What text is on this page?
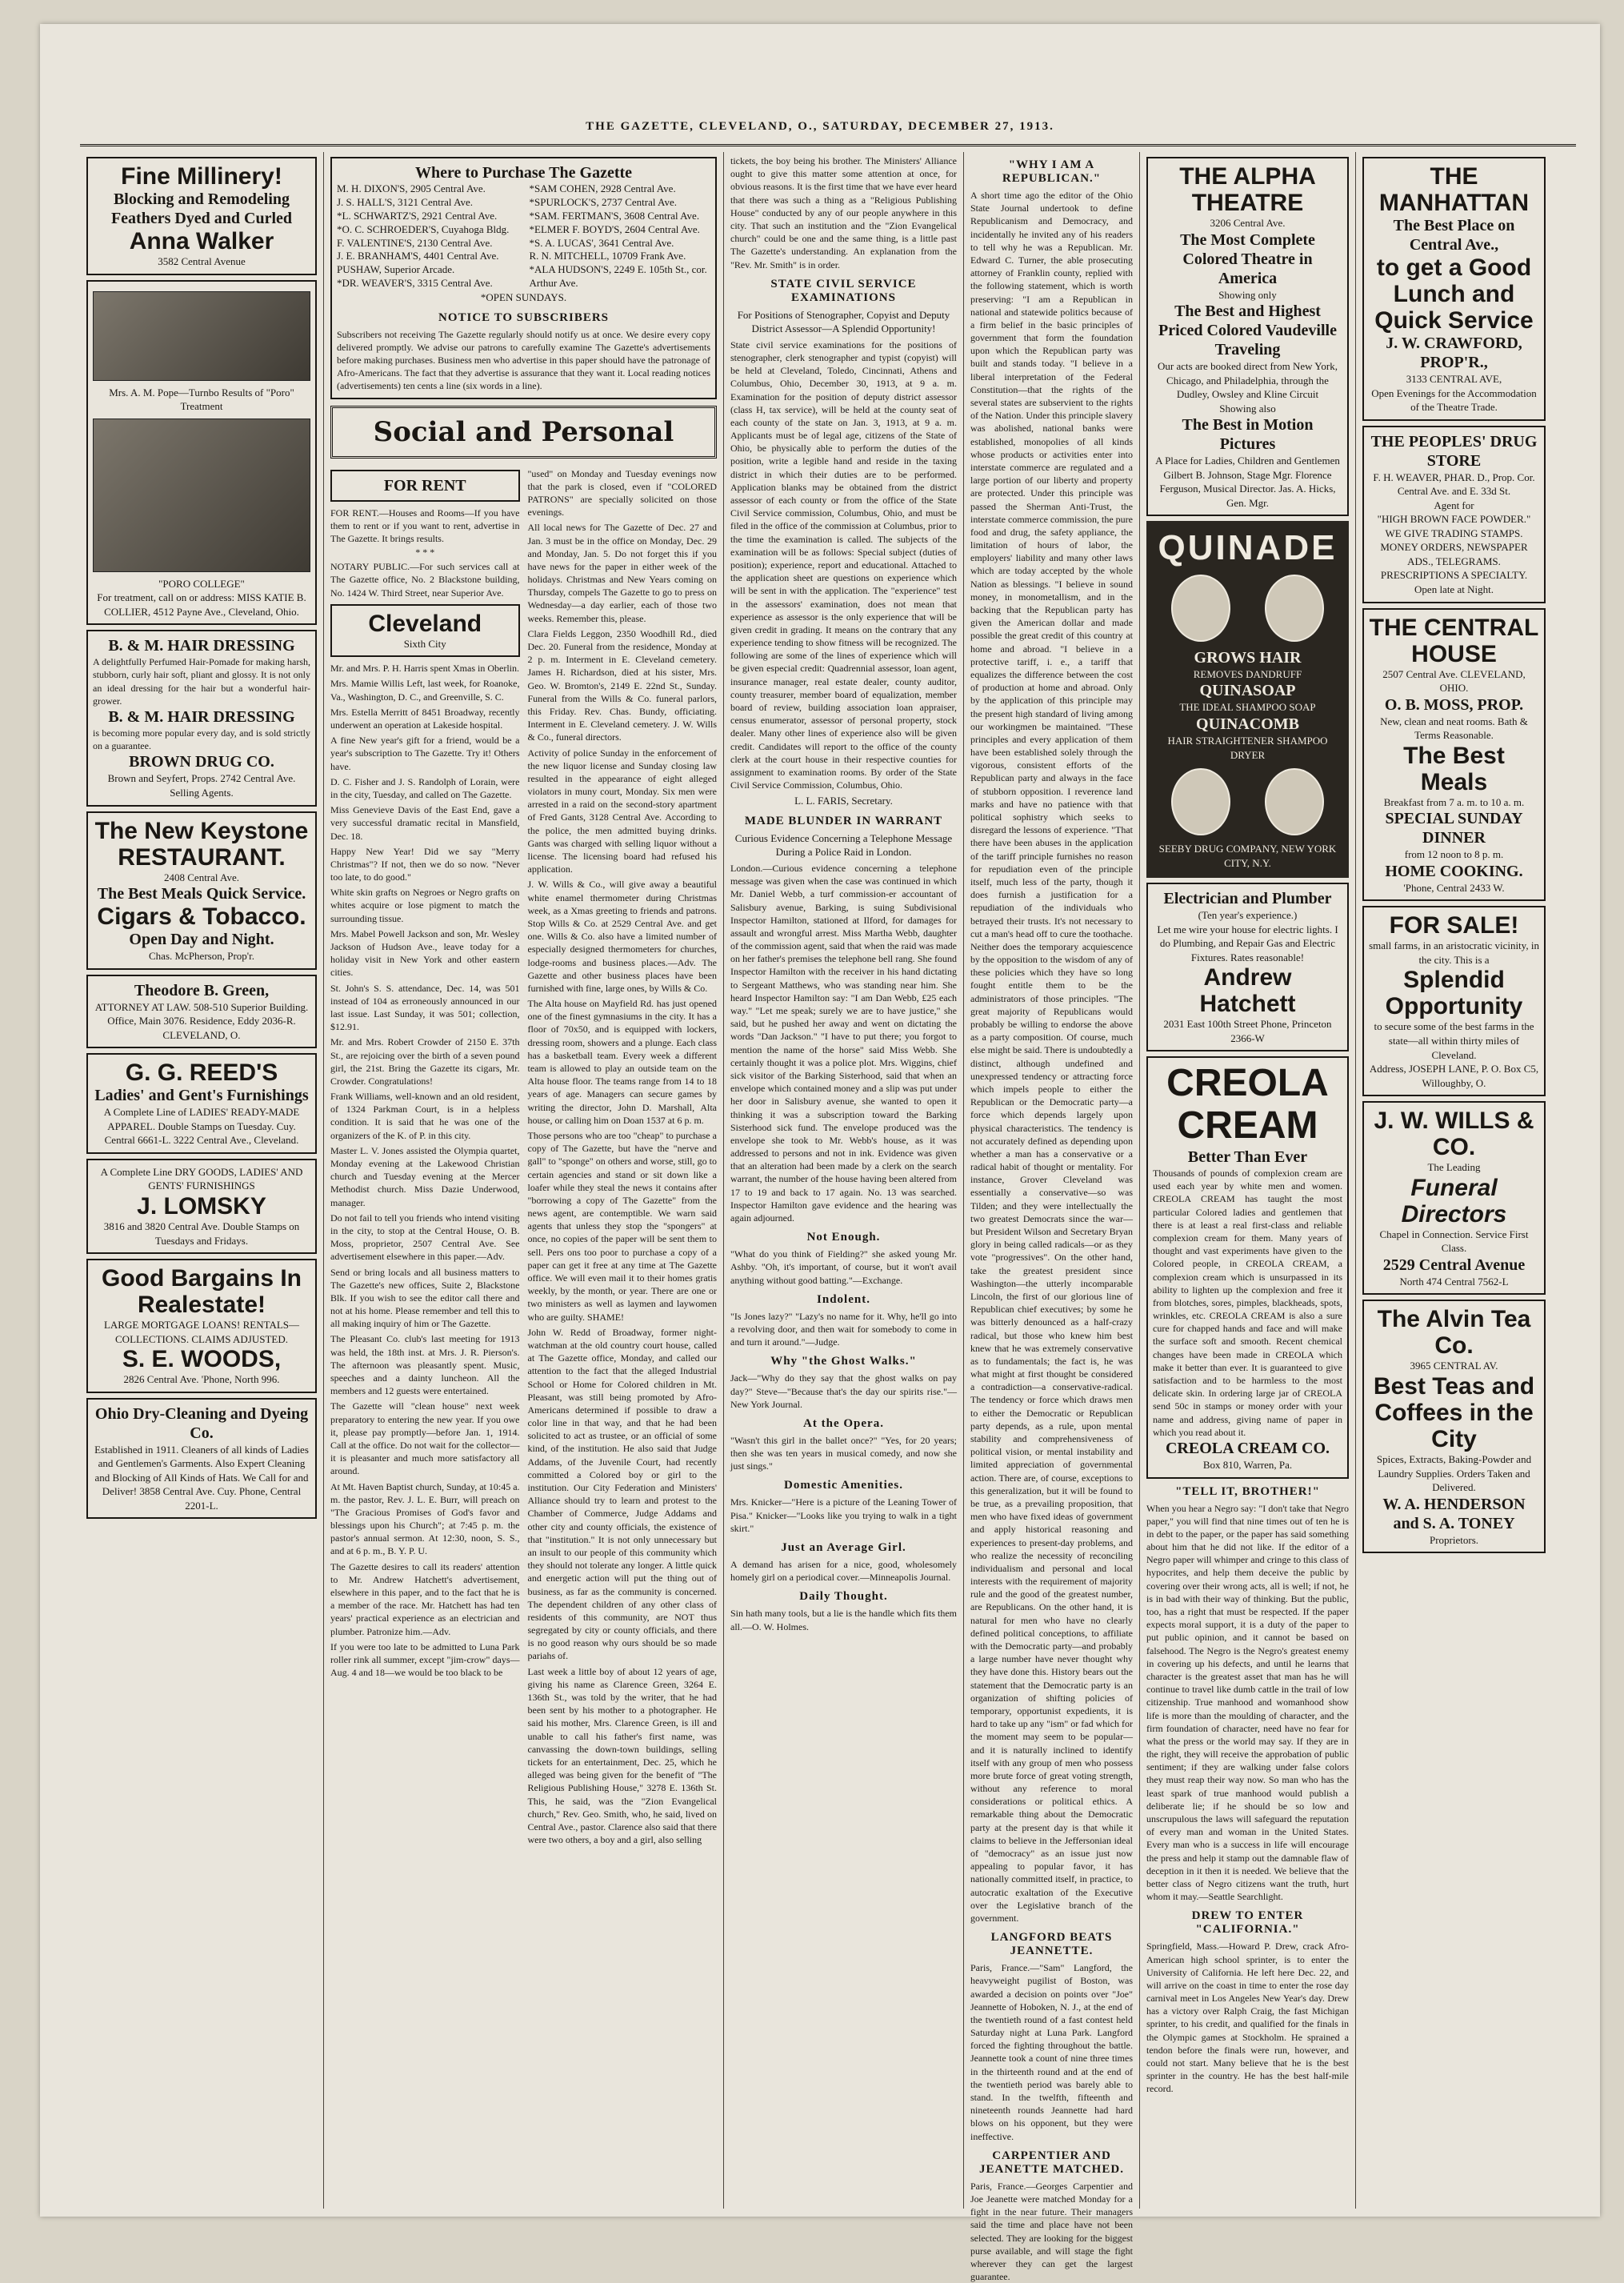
THE GAZETTE, CLEVELAND, O., SATURDAY, DECEMBER 27, 1913.
Fine Millinery!
Blocking and Remodeling
Feathers Dyed and Curled
Anna Walker
3582 Central Avenue
Mrs. A. M. Pope—Turnbo Results of "Poro" Treatment
"PORO COLLEGE"
For treatment, call on or address: MISS KATIE B. COLLIER, 4512 Payne Ave., Cleveland, Ohio.
B. & M. HAIR DRESSING
A delightfully Perfumed Hair-Pomade for making harsh, stubborn, curly hair soft, pliant and glossy. It is not only an ideal dressing for the hair but a wonderful hair-grower.
B. & M. HAIR DRESSING
is becoming more popular every day, and is sold strictly on a guarantee.
BROWN DRUG CO.
Brown and Seyfert, Props. 2742 Central Ave. Selling Agents.
The New Keystone
RESTAURANT.
2408 Central Ave.
The Best Meals Quick Service.
Cigars & Tobacco.
Open Day and Night.
Chas. McPherson, Prop'r.
Theodore B. Green,
ATTORNEY AT LAW. 508-510 Superior Building. Office, Main 3076. Residence, Eddy 2036-R. CLEVELAND, O.
G. G. REED'S
Ladies' and Gent's Furnishings
A Complete Line of LADIES' READY-MADE APPAREL. Double Stamps on Tuesday. Cuy. Central 6661-L. 3222 Central Ave., Cleveland.
A Complete Line DRY GOODS, LADIES' AND GENTS' FURNISHINGS
J. LOMSKY
3816 and 3820 Central Ave. Double Stamps on Tuesdays and Fridays.
Good Bargains In Realestate!
LARGE MORTGAGE LOANS! RENTALS—COLLECTIONS. CLAIMS ADJUSTED.
S. E. WOODS,
2826 Central Ave. 'Phone, North 996.
Ohio Dry-Cleaning and Dyeing Co.
Established in 1911. Cleaners of all kinds of Ladies and Gentlemen's Garments. Also Expert Cleaning and Blocking of All Kinds of Hats. We Call for and Deliver! 3858 Central Ave. Cuy. Phone, Central 2201-L.
Where to Purchase The Gazette
M. H. DIXON'S, 2905 Central Ave.
J. S. HALL'S, 3121 Central Ave.
*L. SCHWARTZ'S, 2921 Central Ave.
*O. C. SCHROEDER'S, Cuyahoga Bldg.
F. VALENTINE'S, 2130 Central Ave.
J. E. BRANHAM'S, 4401 Central Ave.
PUSHAW, Superior Arcade.
*DR. WEAVER'S, 3315 Central Ave.
*SAM COHEN, 2928 Central Ave.
*SPURLOCK'S, 2737 Central Ave.
*SAM. FERTMAN'S, 3608 Central Ave.
*ELMER F. BOYD'S, 2604 Central Ave.
*S. A. LUCAS', 3641 Central Ave.
R. N. MITCHELL, 10709 Frank Ave.
*ALA HUDSON'S, 2249 E. 105th St., cor. Arthur Ave.
*OPEN SUNDAYS.
NOTICE TO SUBSCRIBERS
Subscribers not receiving The Gazette regularly should notify us at once. We desire every copy delivered promptly. We advise our patrons to carefully examine The Gazette's advertisements before making purchases. Business men who advertise in this paper should have the patronage of Afro-Americans. The fact that they advertise is assurance that they want it. Local reading notices (advertisements) ten cents a line (six words in a line).
Social and Personal
FOR RENT
FOR RENT.—Houses and Rooms—If you have them to rent or if you want to rent, advertise in The Gazette. It brings results.
* * *
NOTARY PUBLIC.—For such services call at The Gazette office, No. 2 Blackstone building, No. 1424 W. Third Street, near Superior Ave.
Cleveland
Sixth City

Mr. and Mrs. P. H. Harris spent Xmas in Oberlin.

Mrs. Mamie Willis Left, last week, for Roanoke, Va., Washington, D. C., and Greenville, S. C.

Mrs. Estella Merritt of 8451 Broadway, recently underwent an operation at Lakeside hospital.

A fine New year's gift for a friend, would be a year's subscription to The Gazette. Try it! Others have.

D. C. Fisher and J. S. Randolph of Lorain, were in the city, Tuesday, and called on The Gazette.

Miss Genevieve Davis of the East End, gave a very successful dramatic recital in Mansfield, Dec. 18.

Happy New Year! Did we say "Merry Christmas"? If not, then we do so now. "Never too late, to do good."

White skin grafts on Negroes or Negro grafts on whites acquire or lose pigment to match the surrounding tissue.

Mrs. Mabel Powell Jackson and son, Mr. Wesley Jackson of Hudson Ave., leave today for a holiday visit in New York and other eastern cities.

St. John's S. S. attendance, Dec. 14, was 501 instead of 104 as erroneously announced in our last issue. Last Sunday, it was 501; collection, $12.91.

Mr. and Mrs. Robert Crowder of 2150 E. 37th St., are rejoicing over the birth of a seven pound girl, the 21st. Bring the Gazette its cigars, Mr. Crowder. Congratulations!

Frank Williams, well-known and an old resident, of 1324 Parkman Court, is in a helpless condition. It is said that he was one of the organizers of the K. of P. in this city.

Master L. V. Jones assisted the Olympia quartet, Monday evening at the Lakewood Christian church and Tuesday evening at the Mercer Methodist church. Miss Dazie Underwood, manager.

Do not fail to tell you friends who intend visiting in the city, to stop at the Central House, O. B. Moss, proprietor, 2507 Central Ave. See advertisement elsewhere in this paper.—Adv.

Send or bring locals and all business matters to The Gazette's new offices, Suite 2, Blackstone Blk. If you wish to see the editor call there and not at his home. Please remember and tell this to all making inquiry of him or The Gazette.

The Pleasant Co. club's last meeting for 1913 was held, the 18th inst. at Mrs. J. R. Pierson's. The afternoon was pleasantly spent. Music, speeches and a dainty luncheon. All the members and 12 guests were entertained.

The Gazette will "clean house" next week preparatory to entering the new year. If you owe it, please pay promptly—before Jan. 1, 1914. Call at the office. Do not wait for the collector—it is pleasanter and much more satisfactory all around.

At Mt. Haven Baptist church, Sunday, at 10:45 a. m. the pastor, Rev. J. L. E. Burr, will preach on "The Gracious Promises of God's favor and blessings upon his Church"; at 7:45 p. m. the pastor's annual sermon. At 12:30, noon, S. S., and at 6 p. m., B. Y. P. U.

The Gazette desires to call its readers' attention to Mr. Andrew Hatchett's advertisement, elsewhere in this paper, and to the fact that he is a member of the race. Mr. Hatchett has had ten years' practical experience as an electrician and plumber. Patronize him.—Adv.

If you were too late to be admitted to Luna Park roller rink all summer, except "jim-crow" days—Aug. 4 and 18—we would be too black to be

"used" on Monday and Tuesday evenings now that the park is closed, even if "COLORED PATRONS" are specially solicited on those evenings.

All local news for The Gazette of Dec. 27 and Jan. 3 must be in the office on Monday, Dec. 29 and Monday, Jan. 5. Do not forget this if you have news for the paper in either week of the holidays. Christmas and New Years coming on Thursday, compels The Gazette to go to press on Wednesday—a day earlier, each of those two weeks. Remember this, please.

Clara Fields Leggon, 2350 Woodhill Rd., died Dec. 20. Funeral from the residence, Monday at 2 p. m. Interment in E. Cleveland cemetery. James H. Richardson, died at his sister, Mrs. Geo. W. Bromton's, 2149 E. 22nd St., Sunday. Funeral from the Wills & Co. funeral parlors, this Friday. Rev. Chas. Bundy, officiating. Interment in E. Cleveland cemetery. J. W. Wills & Co., funeral directors.

Activity of police Sunday in the enforcement of the new liquor license and Sunday closing law resulted in the appearance of eight alleged violators in muny court, Monday. Six men were arrested in a raid on the second-story apartment of Fred Gants, 3128 Central Ave. According to the police, the men admitted buying drinks. Gants was charged with selling liquor without a license. The licensing board had refused his application.

J. W. Wills & Co., will give away a beautiful white enamel thermometer during Christmas week, as a Xmas greeting to friends and patrons. Stop Wills & Co. at 2529 Central Ave. and get one. Wills & Co. also have a limited number of especially designed thermometers for churches, lodge-rooms and business places.—Adv. The Gazette and other business places have been furnished with fine, large ones, by Wills & Co.

The Alta house on Mayfield Rd. has just opened one of the finest gymnasiums in the city. It has a floor of 70x50, and is equipped with lockers, dressing room, showers and a plunge. Each class has a basketball team. Every week a different team is allowed to play an outside team on the Alta house floor. The teams range from 14 to 18 years of age. Managers can secure games by writing the director, John D. Marshall, Alta house, or calling him on Doan 1537 at 6 p. m.

Those persons who are too "cheap" to purchase a copy of The Gazette, but have the "nerve and gall" to "sponge" on others and worse, still, go to certain agencies and stand or sit down like a loafer while they steal the news it contains after "borrowing a copy of The Gazette" from the news agent, are contemptible. We warn said agents that unless they stop the "spongers" at once, no copies of the paper will be sent them to sell. Pers ons too poor to purchase a copy of a paper can get it free at any time at The Gazette office. We will even mail it to their homes gratis weekly, by the month, or year. There are one or two ministers as well as laymen and laywomen who are guilty. SHAME!

John W. Redd of Broadway, former night-watchman at the old country court house, called at The Gazette office, Monday, and called our attention to the fact that the alleged Industrial School or Home for Colored children in Mt. Pleasant, was still being promoted by Afro-Americans determined if possible to draw a color line in that way, and that he had been solicited to act as trustee, or an official of some kind, of the institution. He also said that Judge Addams, of the Juvenile Court, had recently committed a Colored boy or girl to the institution. Our City Federation and Ministers' Alliance should try to learn and protest to the Chamber of Commerce, Judge Addams and other city and county officials, the existence of that "institution." It is not only unnecessary but an insult to our people of this community which they should not tolerate any longer. A little quick and energetic action will put the thing out of business, as far as the community is concerned. The dependent children of any other class of residents of this community, are NOT thus segregated by city or county officials, and there is no good reason why ours should be so made pariahs of.

Last week a little boy of about 12 years of age, giving his name as Clarence Green, 3264 E. 136th St., was told by the writer, that he had been sent by his mother to a photographer. He said his mother, Mrs. Clarence Green, is ill and unable to call his father's first name, was canvassing the down-town buildings, selling tickets for an entertainment, Dec. 25, which he alleged was being given for the benefit of "The Religious Publishing House," 3278 E. 136th St. This, he said, was the "Zion Evangelical church," Rev. Geo. Smith, who, he said, lived on Central Ave., pastor. Clarence also said that there were two others, a boy and a girl, also selling

tickets, the boy being his brother. The Ministers' Alliance ought to give this matter some attention at once, for obvious reasons. It is the first time that we have ever heard that there was such a thing as a "Religious Publishing House" conducted by any of our people anywhere in this city. That such an institution and the "Zion Evangelical church" could be one and the same thing, is a little past The Gazette's understanding. An explanation from the "Rev. Mr. Smith" is in order.

STATE CIVIL SERVICE EXAMINATIONS
For Positions of Stenographer, Copyist and Deputy District Assessor—A Splendid Opportunity!

State civil service examinations for the positions of stenographer, clerk stenographer and typist (copyist) will be held at Cleveland, Toledo, Cincinnati, Athens and Columbus, Ohio, December 30, 1913, at 9 a. m. Examination for the position of deputy district assessor (class H, tax service), will be held at the county seat of each county of the state on Jan. 3, 1913, at 9 a. m. Applicants must be of legal age, citizens of the State of Ohio, be physically able to perform the duties of the position, write a legible hand and reside in the taxing district in which their duties are to be performed. Application blanks may be obtained from the district assessor of each county or from the office of the State Civil Service commission, Columbus, Ohio, and must be filed in the office of the commission at Columbus, prior to the time the examination is called. The subjects of the examination will be as follows: Special subject (duties of position); experience, report and educational. Attached to the application sheet are questions on experience which will be sent in with the application. The "experience" test in the assessors' examination, does not mean that experience as assessor is the only experience that will be given credit in grading. It means on the contrary that any experience tending to show fitness will be recognized. The following are some of the lines of experience which will be given especial credit: Quadrennial assessor, loan agent, insurance manager, real estate dealer, county auditor, county treasurer, member board of equalization, member board of review, building association loan appraiser, census enumerator, assessor of personal property, stock dealer. Many other lines of experience also will be given credit. Candidates will report to the office of the county clerk at the court house in their respective counties for assignment to examination rooms. By order of the State Civil Service Commission, Columbus, Ohio.

L. L. FARIS, Secretary.
MADE BLUNDER IN WARRANT
Curious Evidence Concerning a Telephone Message During a Police Raid in London.

London.—Curious evidence concerning a telephone message was given when the case was continued in which Mr. Daniel Webb, a turf commission-er accountant of Salisbury avenue, Barking, is suing Subdivisional Inspector Hamilton, stationed at Ilford, for damages for assault and wrongful arrest. Miss Martha Webb, daughter of the commission agent, said that when the raid was made on her father's premises the telephone bell rang. She found Inspector Hamilton with the receiver in his hand dictating to Sergeant Matthews, who was standing near him. She heard Inspector Hamilton say: "I am Dan Webb, £25 each way." "Let me speak; surely we are to have justice," she said, but he pushed her away and went on dictating the words "Dan Jackson." "I have to put there; you forgot to mention the name of the horse" said Miss Webb. She certainly thought it was a police plot. Mrs. Wiggins, chief sick visitor of the Barking Sisterhood, said that when an envelope which contained money and a slip was put under her door in Salisbury avenue, she wanted to open it thinking it was a subscription toward the Barking Sisterhood sick fund. The envelope produced was the envelope she took to Mr. Webb's house, as it was addressed to persons and not in ink. Evidence was given that an alteration had been made by a clerk on the search warrant, the number of the house having been altered from 17 to 19 and back to 17 again. No. 13 was searched. Inspector Hamilton gave evidence and the hearing was again adjourned.

Not Enough.

"What do you think of Fielding?" she asked young Mr. Ashby. "Oh, it's important, of course, but it won't avail anything without good batting."—Exchange.

Indolent.

"Is Jones lazy?" "Lazy's no name for it. Why, he'll go into a revolving door, and then wait for somebody to come in and turn it around."—Judge.

Why "the Ghost Walks."

Jack—"Why do they say that the ghost walks on pay day?" Steve—"Because that's the day our spirits rise."—New York Journal.

At the Opera.

"Wasn't this girl in the ballet once?" "Yes, for 20 years; then she was ten years in musical comedy, and now she just sings."

Domestic Amenities.

Mrs. Knicker—"Here is a picture of the Leaning Tower of Pisa." Knicker—"Looks like you trying to walk in a tight skirt."

Just an Average Girl.

A demand has arisen for a nice, good, wholesomely homely girl on a periodical cover.—Minneapolis Journal.

Daily Thought.

Sin hath many tools, but a lie is the handle which fits them all.—O. W. Holmes.

"WHY I AM A REPUBLICAN."

A short time ago the editor of the Ohio State Journal undertook to define Republicanism and Democracy, and incidentally he invited any of his readers to tell why he was a Republican. Mr. Edward C. Turner, the able prosecuting attorney of Franklin county, replied with the following statement, which is worth preserving: "I am a Republican in national and statewide politics because of a firm belief in the basic principles of government that form the foundation upon which the Republican party was built and stands today. "I believe in a liberal interpretation of the Federal Constitution—that the rights of the several states are subservient to the rights of the Nation. Under this principle slavery was abolished, national banks were established, monopolies of all kinds whose products or activities enter into interstate commerce are regulated and a large portion of our liberty and property are protected. Under this principle was passed the Sherman Anti-Trust, the interstate commerce commission, the pure food and drug, the safety appliance, the limitation of hours of labor, the employers' liability and many other laws which are today accepted by the whole Nation as blessings. "I believe in sound money, in monometallism, and in the backing that the Republican party has given the American dollar and made possible the great credit of this country at home and abroad. "I believe in a protective tariff, i. e., a tariff that equalizes the difference between the cost of production at home and abroad. Only by the application of this principle may the present high standard of living among our workingmen be maintained. "These principles and every application of them have been established solely through the vigorous, consistent efforts of the Republican party and always in the face of stubborn opposition. I reverence land marks and have no patience with that political sophistry which seeks to disregard the lessons of experience. "That there have been abuses in the application of the tariff principle furnishes no reason for repudiation even of the principle itself, much less of the party, though it does furnish a justification for a repudiation of the individuals who betrayed their trusts. It's not necessary to cut a man's head off to cure the toothache. Neither does the temporary acquiescence by the opposition to the wisdom of any of these policies which they have so long fought entitle them to be the administrators of those principles. "The great majority of Republicans would probably be willing to endorse the above as a party composition. Of course, much else might be said. There is undoubtedly a distinct, although undefined and unexpressed tendency or attracting force which impels people to either the Republican or the Democratic party—a force which depends largely upon physical characteristics. The tendency is not accurately defined as depending upon whether a man has a conservative or a radical habit of thought or mentality. For instance, Grover Cleveland was essentially a conservative—so was Tilden; and they were intellectually the two greatest Democrats since the war—but President Wilson and Secretary Bryan glory in being called radicals—or as they vote "progressives". On the other hand, take the greatest president since Washington—the utterly incomparable Lincoln, the first of our glorious line of Republican chief executives; by some he was bitterly denounced as a half-crazy radical, but those who knew him best knew that he was extremely conservative as to fundamentals; the fact is, he was what might at first thought be considered a contradiction—a conservative-radical. The tendency or force which draws men to either the Democratic or Republican party depends, as a rule, upon mental stability and comprehensiveness of political vision, or mental instability and limited appreciation of governmental action. There are, of course, exceptions to this generalization, but it will be found to be true, as a prevailing proposition, that men who have fixed ideas of government and apply historical reasoning and experiences to present-day problems, and who realize the necessity of reconciling individualism and personal and local interests with the requirement of majority rule and the good of the greatest number, are Republicans. On the other hand, it is natural for men who have no clearly defined political conceptions, to affiliate with the Democratic party—and probably a large number have never thought why they have done this. History bears out the statement that the Democratic party is an organization of shifting policies of temporary, opportunist expedients, it is hard to take up any "ism" or fad which for the moment may seem to be popular—and it is naturally inclined to identify itself with any group of men who possess more brute force of great voting strength, without any reference to moral considerations or political ethics. A remarkable thing about the Democratic party at the present day is that while it claims to believe in the Jeffersonian ideal of "democracy" as an issue just now appealing to popular favor, it has nationally committed itself, in practice, to autocratic exaltation of the Executive over the Legislative branch of the government.

LANGFORD BEATS JEANNETTE.

Paris, France.—"Sam" Langford, the heavyweight pugilist of Boston, was awarded a decision on points over "Joe" Jeannette of Hoboken, N. J., at the end of the twentieth round of a fast contest held Saturday night at Luna Park. Langford forced the fighting throughout the battle. Jeannette took a count of nine three times in the thirteenth round and at the end of the twentieth period was barely able to stand. In the twelfth, fifteenth and nineteenth rounds Jeannette had hard blows on his opponent, but they were ineffective.

CARPENTIER AND JEANETTE MATCHED.

Paris, France.—Georges Carpentier and Joe Jeanette were matched Monday for a fight in the near future. Their managers said the time and place have not been selected. They are looking for the biggest purse available, and will stage the fight wherever they can get the largest guarantee.

THE ALPHA THEATRE
3206 Central Ave.
The Most Complete Colored Theatre in America
Showing only
The Best and Highest Priced Colored Vaudeville Traveling
Our acts are booked direct from New York, Chicago, and Philadelphia, through the Dudley, Owsley and Kline Circuit
Showing also
The Best in Motion Pictures
A Place for Ladies, Children and Gentlemen
Gilbert B. Johnson, Stage Mgr. Florence Ferguson, Musical Director. Jas. A. Hicks, Gen. Mgr.
QUINADE
GROWS HAIR
REMOVES DANDRUFF
QUINASOAP
THE IDEAL SHAMPOO SOAP
QUINACOMB
HAIR STRAIGHTENER SHAMPOO DRYER
SEEBY DRUG COMPANY, NEW YORK CITY, N.Y.
Electrician and Plumber
(Ten year's experience.)
Let me wire your house for electric lights. I do Plumbing, and Repair Gas and Electric Fixtures. Rates reasonable!
Andrew Hatchett
2031 East 100th Street Phone, Princeton 2366-W
CREOLA CREAM
Better Than Ever
Thousands of pounds of complexion cream are used each year by white men and women. CREOLA CREAM has taught the most particular Colored ladies and gentlemen that there is at least a real first-class and reliable complexion cream for them. Many years of thought and vast experiments have given to the Colored people, in CREOLA CREAM, a complexion cream which is unsurpassed in its ability to lighten up the complexion and free it from blotches, sores, pimples, blackheads, spots, wrinkles, etc. CREOLA CREAM is also a sure cure for chapped hands and face and will make the surface soft and smooth. Recent chemical changes have been made in CREOLA which make it better than ever. It is guaranteed to give satisfaction and to be harmless to the most delicate skin. In ordering large jar of CREOLA send 50c in stamps or money order with your name and address, giving name of paper in which you read about it.
CREOLA CREAM CO.
Box 810, Warren, Pa.
"TELL IT, BROTHER!"

When you hear a Negro say: "I don't take that Negro paper," you will find that nine times out of ten he is in debt to the paper, or the paper has said something about him that he did not like. If the editor of a Negro paper will whimper and cringe to this class of hypocrites, and help them deceive the public by covering over their wrong acts, all is well; if not, he is in bad with their way of thinking. But the public, too, has a right that must be respected. If the paper expects moral support, it is a duty of the paper to put public opinion, and it cannot be based on falsehood. The Negro is the Negro's greatest enemy in covering up his defects, and until he learns that character is the greatest asset that man has he will continue to travel like dumb cattle in the trail of low citizenship. True manhood and womanhood show life is more than the moulding of character, and the firm foundation of character, need have no fear for what the press or the world may say. If they are in the right, they will receive the approbation of public sentiment; if they are walking under false colors they must reap their way now. So man who has the least spark of true manhood would publish a deliberate lie; if he should be so low and unscrupulous the laws will safeguard the reputation of every man and woman in the United States. Every man who is a success in life will encourage the press and help it stamp out the damnable flaw of deception in it then it is needed. We believe that the better class of Negro citizens want the truth, hurt whom it may.—Seattle Searchlight.

DREW TO ENTER "CALIFORNIA."

Springfield, Mass.—Howard P. Drew, crack Afro-American high school sprinter, is to enter the University of California. He left here Dec. 22, and will arrive on the coast in time to enter the rose day carnival meet in Los Angeles New Year's day. Drew has a victory over Ralph Craig, the fast Michigan sprinter, to his credit, and qualified for the finals in the Olympic games at Stockholm. He sprained a tendon before the finals were run, however, and could not start. Many believe that he is the best sprinter in the country. He has the best half-mile record.

THE MANHATTAN
The Best Place on Central Ave.,
to get a Good Lunch and Quick Service
J. W. CRAWFORD, PROP'R.,
3133 CENTRAL AVE,
Open Evenings for the Accommodation of the Theatre Trade.
THE PEOPLES' DRUG STORE
F. H. WEAVER, PHAR. D., Prop. Cor. Central Ave. and E. 33d St.
Agent for
"HIGH BROWN FACE POWDER."
WE GIVE TRADING STAMPS. MONEY ORDERS, NEWSPAPER ADS., TELEGRAMS.
PRESCRIPTIONS A SPECIALTY. Open late at Night.
THE CENTRAL HOUSE
2507 Central Ave. CLEVELAND, OHIO.
O. B. MOSS, PROP.
New, clean and neat rooms. Bath & Terms Reasonable.
The Best Meals
Breakfast from 7 a. m. to 10 a. m.
SPECIAL SUNDAY DINNER
from 12 noon to 8 p. m.
HOME COOKING.
'Phone, Central 2433 W.
FOR SALE!
small farms, in an aristocratic vicinity, in the city. This is a
Splendid Opportunity
to secure some of the best farms in the state—all within thirty miles of Cleveland.
Address, JOSEPH LANE, P. O. Box C5, Willoughby, O.
J. W. WILLS & CO.
The Leading
Funeral Directors
Chapel in Connection. Service First Class.
2529 Central Avenue
North 474 Central 7562-L
The Alvin Tea Co.
3965 CENTRAL AV.
Best Teas and Coffees in the City
Spices, Extracts, Baking-Powder and Laundry Supplies. Orders Taken and Delivered.
W. A. HENDERSON and S. A. TONEY
Proprietors.
